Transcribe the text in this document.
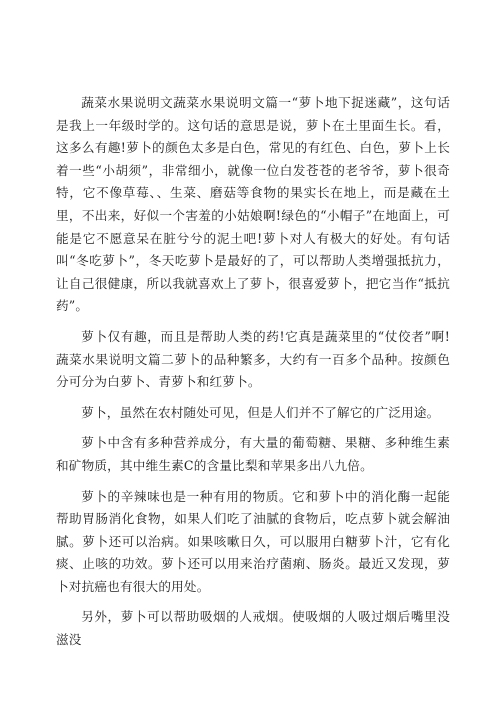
蔬菜水果说明文蔬菜水果说明文篇一“萝卜地下捉迷藏”，这句话是我上一年级时学的。这句话的意思是说，萝卜在土里面生长。看，这多么有趣!萝卜的颜色太多是白色，常见的有红色、白色，萝卜上长着一些“小胡须”，非常细小，就像一位白发苍苍的老爷爷，萝卜很奇特，它不像草莓、、生菜、磨菇等食物的果实长在地上，而是藏在土里，不出来，好似一个害羞的小姑娘啊!绿色的“小帽子”在地面上，可能是它不愿意呆在脏兮兮的泥土吧!萝卜对人有极大的好处。有句话叫“冬吃萝卜”，冬天吃萝卜是最好的了，可以帮助人类增强抵抗力，让自己很健康，所以我就喜欢上了萝卜，很喜爱萝卜，把它当作“抵抗药”。

萝卜仅有趣，而且是帮助人类的药!它真是蔬菜里的“仗佼者”啊!蔬菜水果说明文篇二萝卜的品种繁多，大约有一百多个品种。按颜色分可分为白萝卜、青萝卜和红萝卜。

萝卜，虽然在农村随处可见，但是人们并不了解它的广泛用途。

萝卜中含有多种营养成分，有大量的葡萄糖、果糖、多种维生素和矿物质，其中维生素C的含量比梨和苹果多出八九倍。

萝卜的辛辣味也是一种有用的物质。它和萝卜中的消化酶一起能帮助胃肠消化食物，如果人们吃了油腻的食物后，吃点萝卜就会解油腻。萝卜还可以治病。如果咳嗽日久，可以服用白糖萝卜汁，它有化痰、止咳的功效。萝卜还可以用来治疗菌痢、肠炎。最近又发现，萝卜对抗癌也有很大的用处。

另外，萝卜可以帮助吸烟的人戒烟。使吸烟的人吸过烟后嘴里没滋没
